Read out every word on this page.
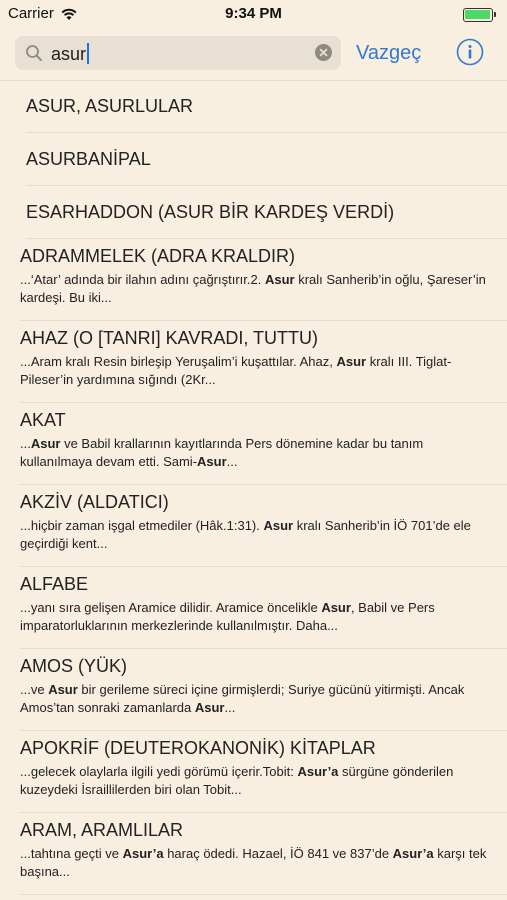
Carrier	9:34 PM
asur	Vazgeç
ASUR, ASURLULAR
ASURBANİPAL
ESARHADDON (ASUR BİR KARDEŞ VERDİ)
ADRAMMELEK (ADRA KRALDIR)
...‘Atar’ adında bir ilahın adını çağrıştırır.2. Asur kralı Sanherib’in oğlu, Şareser’in kardeşi. Bu iki...
AHAZ (O [TANRI] KAVRADI, TUTTU)
...Aram kralı Resin birleşip Yeruşalim’i kuşattılar. Ahaz, Asur kralı III. Tiglat-Pileser’in yardımına sığındı (2Kr...
AKAT
...Asur ve Babil krallarının kayıtlarında Pers dönemine kadar bu tanım kullanılmaya devam etti. Sami-Asur...
AKZİV (ALDATICI)
...hiçbir zaman işgal etmediler (Hâk.1:31). Asur kralı Sanherib’in İÖ 701’de ele geçirdiği kent...
ALFABE
...yanı sıra gelişen Aramice dilidir. Aramice öncelikle Asur, Babil ve Pers imparatorluklarının merkezlerinde kullanılmıştır. Daha...
AMOS (YÜK)
...ve Asur bir gerileme süreci içine girmişlerdi; Suriye gücünü yitirmişti. Ancak Amos’tan sonraki zamanlarda Asur...
APOKRİF (DEUTEROKANONİK) KİTAPLAR
...gelecek olaylarla ilgili yedi görümü içerir.Tobit: Asur’a sürgüne gönderilen kuzeydeki İsraillilerden biri olan Tobit...
ARAM, ARAMLILAR
...tahtına geçti ve Asur’a haraç ödedi. Hazael, İÖ 841 ve 837’de Asur’a karşı tek başına...
